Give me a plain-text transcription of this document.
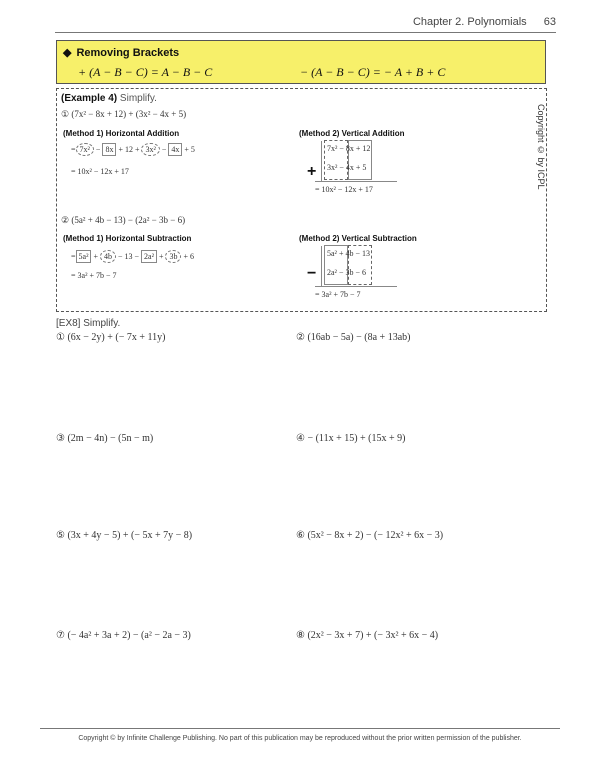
Chapter 2. Polynomials 63
◆ Removing Brackets
+ (A − B − C) = A − B − C	− (A − B − C) = − A + B + C
(Example 4) Simplify.
① (7x² − 8x + 12) + (3x² − 4x + 5)
(Method 1) Horizontal Addition
= 7x² − 8x + 12 + 3x² − 4x + 5
= 10x² − 12x + 17
(Method 2) Vertical Addition
7x² − 8x + 12
3x² − 4x + 5
+
= 10x² − 12x + 17
② (5a² + 4b − 13) − (2a² − 3b − 6)
(Method 1) Horizontal Subtraction
= 5a² + 4b − 13 − 2a² + 3b + 6
= 3a² + 7b − 7
(Method 2) Vertical Subtraction
5a² + 4b − 13
2a² − 3b − 6
−
= 3a² + 7b − 7
Copyright © by ICPL
[EX8] Simplify.
① (6x − 2y) + (− 7x + 11y)	② (16ab − 5a) − (8a + 13ab)
③ (2m − 4n) − (5n − m)	④ − (11x + 15) + (15x + 9)
⑤ (3x + 4y − 5) + (− 5x + 7y − 8)	⑥ (5x² − 8x + 2) − (− 12x² + 6x − 3)
⑦ (− 4a² + 3a + 2) − (a² − 2a − 3)	⑧ (2x² − 3x + 7) + (− 3x² + 6x − 4)
Copyright © by Infinite Challenge Publishing. No part of this publication may be reproduced without the prior written permission of the publisher.
